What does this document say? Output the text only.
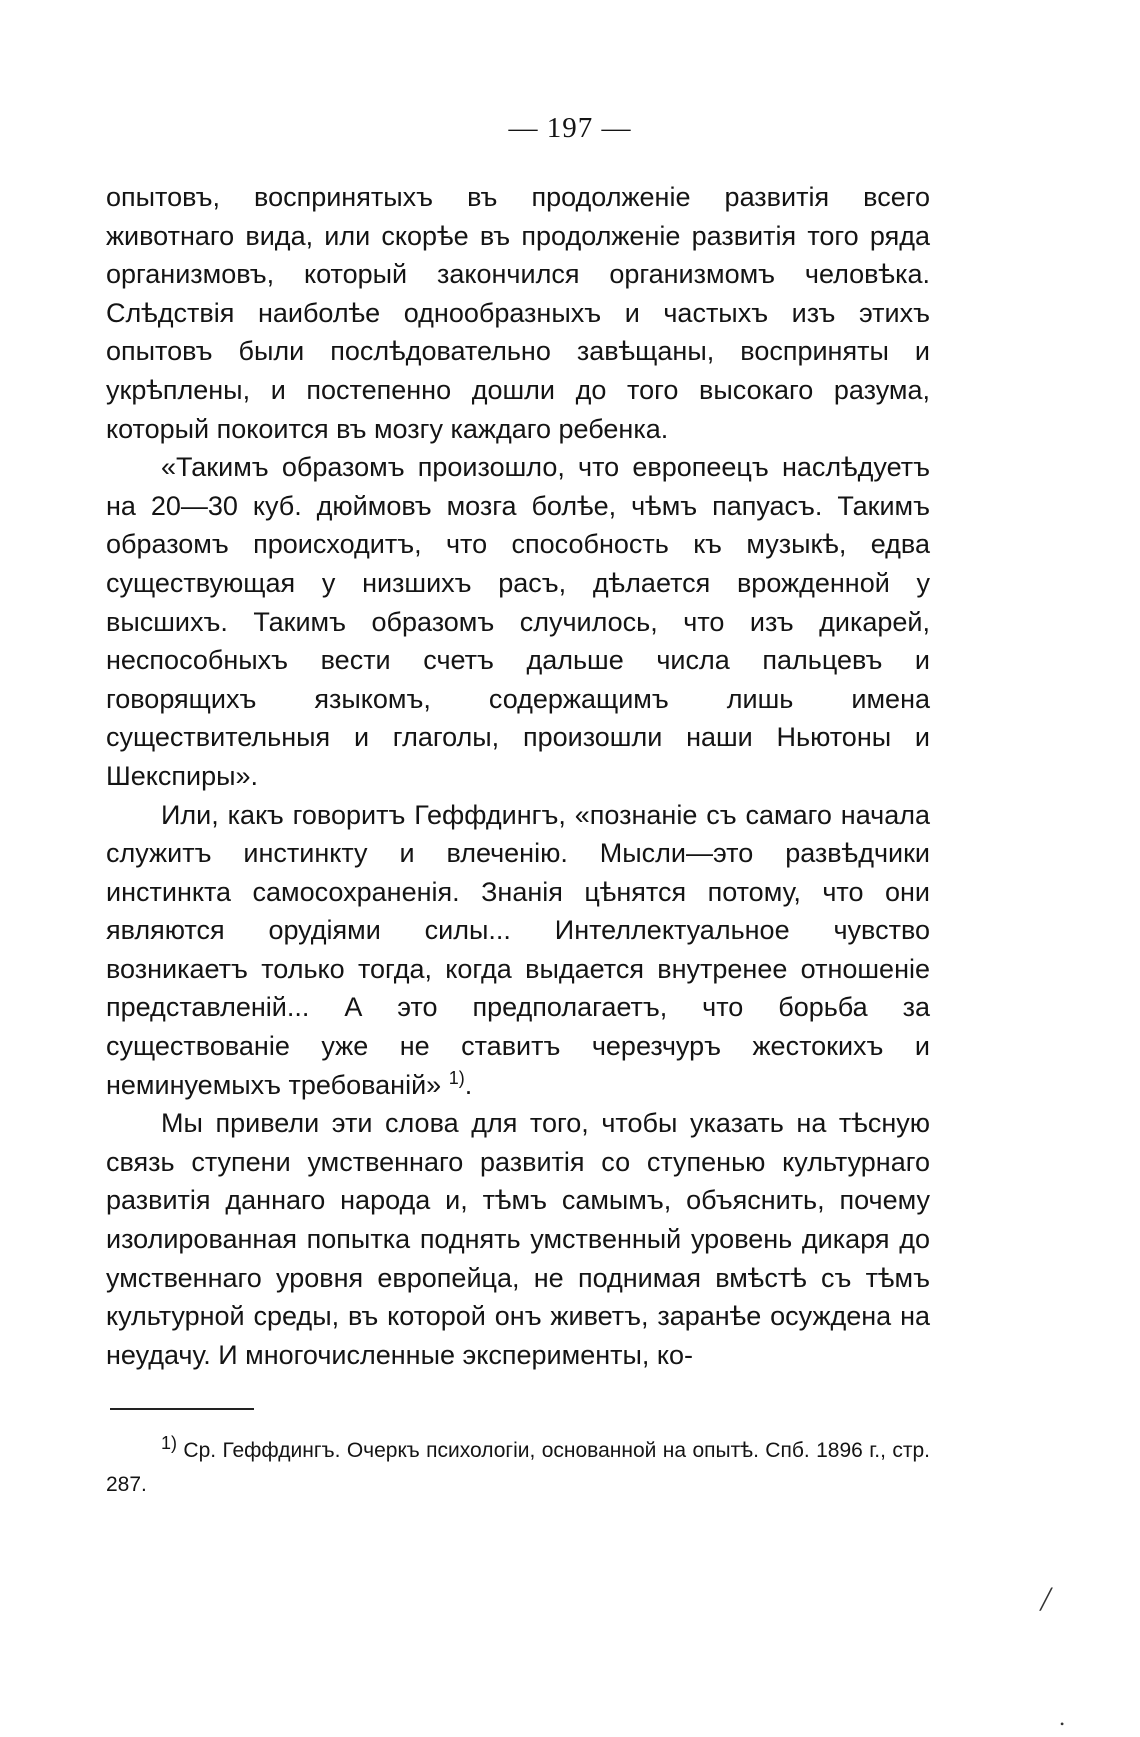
— 197 —

опытовъ, воспринятыхъ въ продолженіе развитія всего животнаго вида, или скорѣе въ продолженіе развитія того ряда организмовъ, который закончился организмомъ человѣка. Слѣдствія наиболѣе однообразныхъ и частыхъ изъ этихъ опытовъ были послѣдовательно завѣщаны, восприняты и укрѣплены, и постепенно дошли до того высокаго разума, который покоится въ мозгу каждаго ребенка.

«Такимъ образомъ произошло, что европеецъ наслѣдуетъ на 20—30 куб. дюймовъ мозга болѣе, чѣмъ папуасъ. Такимъ образомъ происходитъ, что способность къ музыкѣ, едва существующая у низшихъ расъ, дѣлается врожденной у высшихъ. Такимъ образомъ случилось, что изъ дикарей, неспособныхъ вести счетъ дальше числа пальцевъ и говорящихъ языкомъ, содержащимъ лишь имена существительныя и глаголы, произошли наши Ньютоны и Шекспиры».

Или, какъ говоритъ Геффдингъ, «познаніе съ самаго начала служитъ инстинкту и влеченію. Мысли—это развѣдчики инстинкта самосохраненія. Знанія цѣнятся потому, что они являются орудіями силы... Интеллектуальное чувство возникаетъ только тогда, когда выдается внутренее отношеніе представленій... А это предполагаетъ, что борьба за существованіе уже не ставитъ черезчуръ жестокихъ и неминуемыхъ требованій» $^{1)}$.

Мы привели эти слова для того, чтобы указать на тѣсную связь ступени умственнаго развитія со ступенью культурнаго развитія даннаго народа и, тѣмъ самымъ, объяснить, почему изолированная попытка поднять умственный уровень дикаря до умственнаго уровня европейца, не поднимая вмѣстѣ съ тѣмъ культурной среды, въ которой онъ живетъ, заранѣе осуждена на неудачу. И многочисленные эксперименты, ко-

1) Ср. Геффдингъ. Очеркъ психологіи, основанной на опытѣ. Спб. 1896 г., стр. 287.

╱
•
